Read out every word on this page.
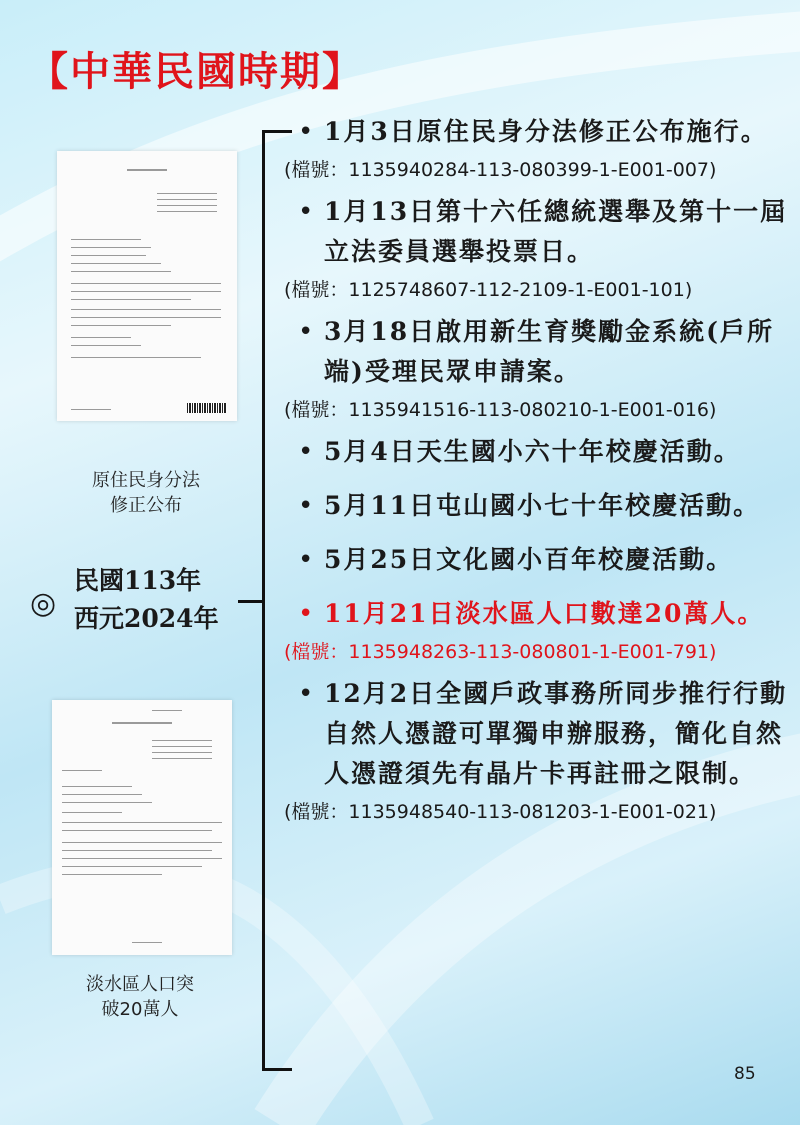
【中華民國時期】
原住民身分法修正公布
淡水區人口突破20萬人
◎
民國113年
西元2024年
• 1月3日原住民身分法修正公布施行。
(檔號：1135940284-113-080399-1-E001-007)
• 1月13日第十六任總統選舉及第十一屆立法委員選舉投票日。
(檔號：1125748607-112-2109-1-E001-101)
• 3月18日啟用新生育獎勵金系統(戶所端)受理民眾申請案。
(檔號：1135941516-113-080210-1-E001-016)
• 5月4日天生國小六十年校慶活動。
• 5月11日屯山國小七十年校慶活動。
• 5月25日文化國小百年校慶活動。
• 11月21日淡水區人口數達20萬人。
(檔號：1135948263-113-080801-1-E001-791)
• 12月2日全國戶政事務所同步推行行動自然人憑證可單獨申辦服務，簡化自然人憑證須先有晶片卡再註冊之限制。
(檔號：1135948540-113-081203-1-E001-021)
85
